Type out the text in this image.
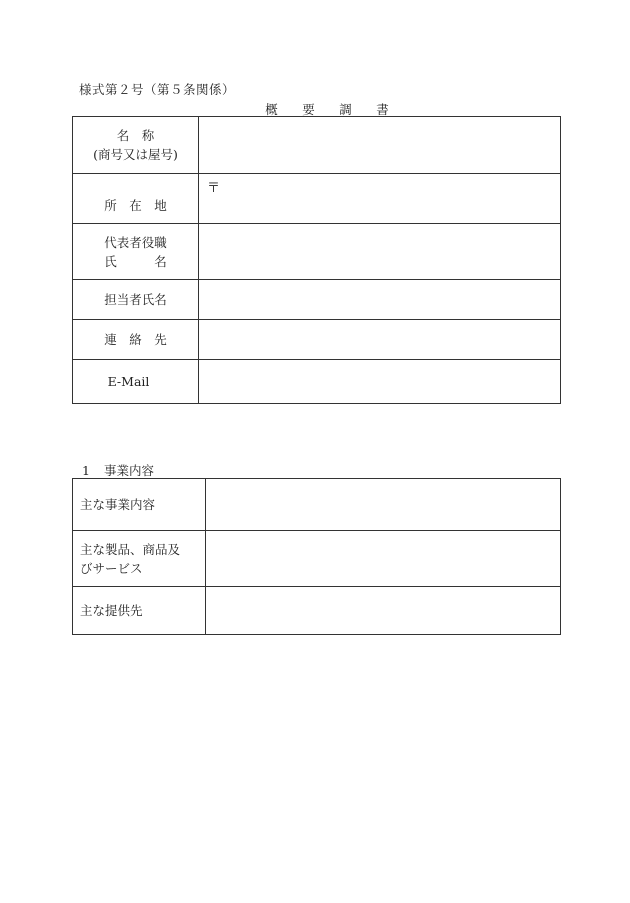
様式第２号（第５条関係）
概　要　調　書
名　称
(商号又は屋号)	

所　在　地	〒

代表者役職
氏　　　名	

担当者氏名	

連　絡　先	

E-Mail	

1 事業内容
主な事業内容	

主な製品、商品及
びサービス	

主な提供先	
